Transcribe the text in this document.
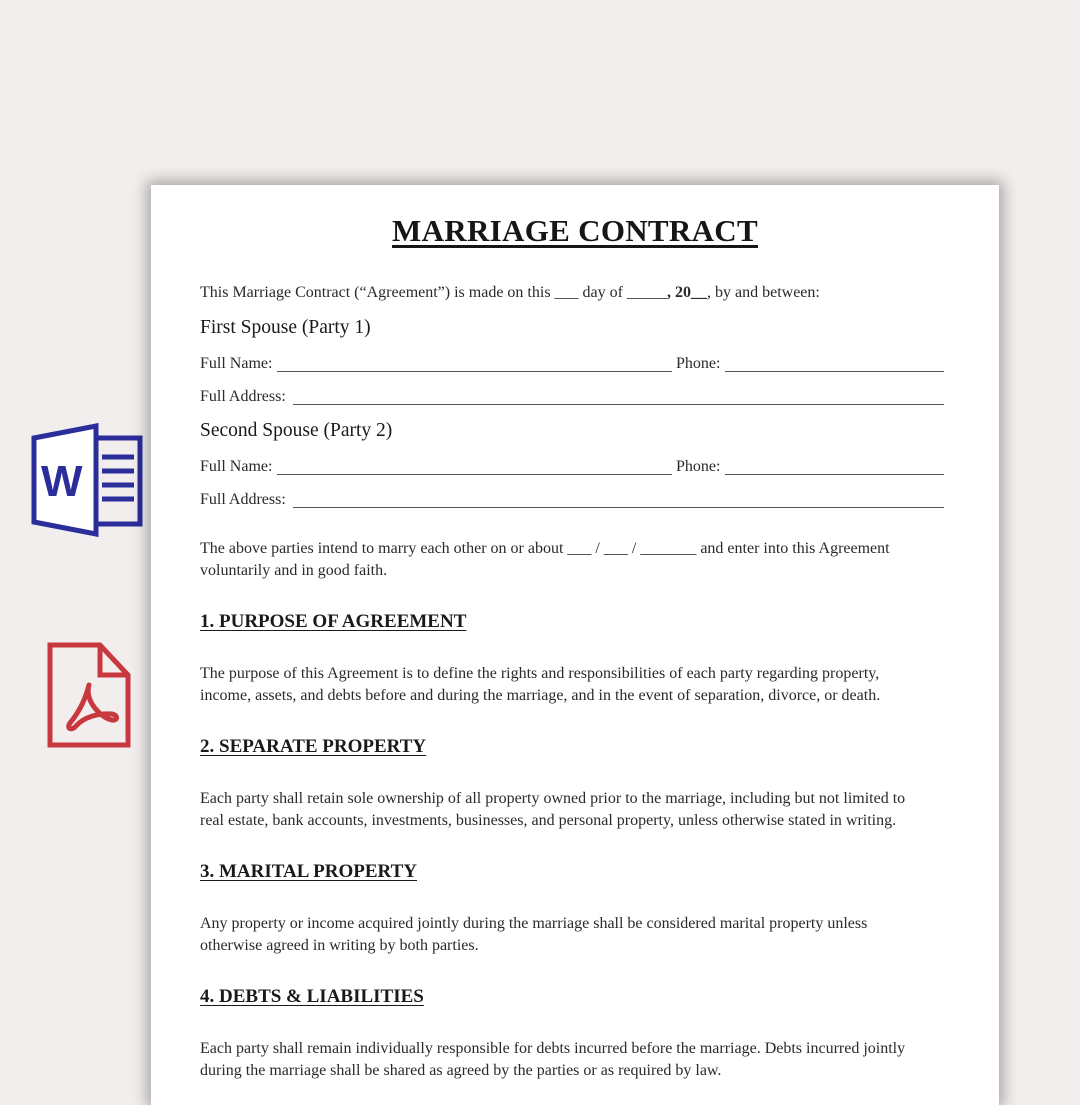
W
MARRIAGE CONTRACT

This Marriage Contract (“Agreement”) is made on this ___ day of _____, 20__, by and between:

First Spouse (Party 1)
Full Name:	Phone:
Full Address:
Second Spouse (Party 2)
Full Name:	Phone:
Full Address:

The above parties intend to marry each other on or about ___ / ___ / _______ and enter into this Agreement
voluntarily and in good faith.

1. PURPOSE OF AGREEMENT

The purpose of this Agreement is to define the rights and responsibilities of each party regarding property,
income, assets, and debts before and during the marriage, and in the event of separation, divorce, or death.

2. SEPARATE PROPERTY

Each party shall retain sole ownership of all property owned prior to the marriage, including but not limited to
real estate, bank accounts, investments, businesses, and personal property, unless otherwise stated in writing.

3. MARITAL PROPERTY

Any property or income acquired jointly during the marriage shall be considered marital property unless
otherwise agreed in writing by both parties.

4. DEBTS & LIABILITIES

Each party shall remain individually responsible for debts incurred before the marriage. Debts incurred jointly
during the marriage shall be shared as agreed by the parties or as required by law.
